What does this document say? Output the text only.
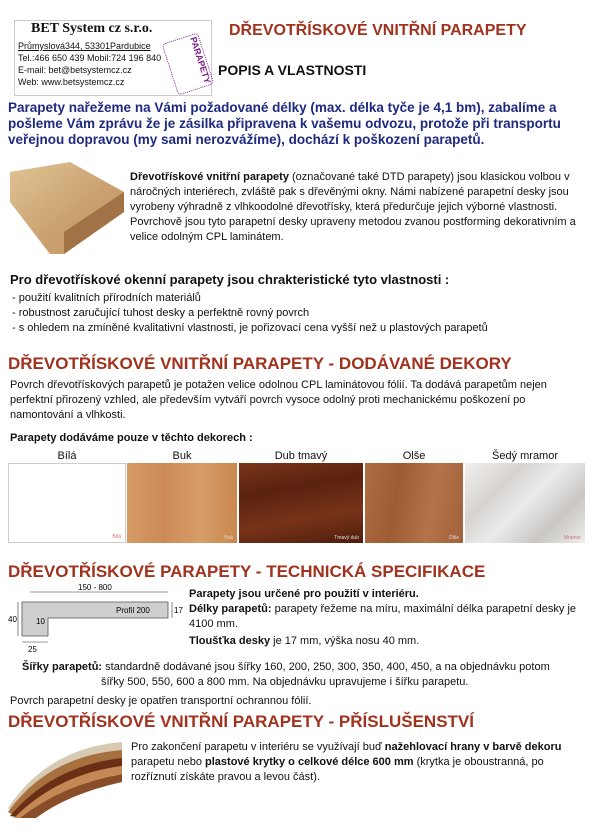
BET System cz s.r.o.
Průmyslová344, 53301Pardubice
Tel.:466 650 439 Mobil:724 196 840
E-mail: bet@betsystemcz.cz
Web: www.betsystemcz.cz	PARAPETY
DŘEVOTŘÍSKOVÉ VNITŘNÍ PARAPETY
POPIS A VLASTNOSTI
Parapety nařežeme na Vámi požadované délky (max. délka tyče je 4,1 bm), zabalíme a pošleme Vám zprávu že je zásilka připravena k vašemu odvozu, protože při transportu veřejnou dopravou (my sami nerozvážíme), dochází k poškození parapetů.
Dřevotřískové vnitřní parapety (označované také DTD parapety) jsou klasickou volbou v náročných interiérech, zvláště pak s dřevěnými okny. Námi nabízené parapetní desky jsou vyrobeny výhradně z vlhkoodolné dřevotřísky, která předurčuje jejich výborné vlastnosti. Povrchově jsou tyto parapetní desky upraveny metodou zvanou postforming dekorativním a velice odolným CPL laminátem.
Pro dřevotřískové okenní parapety jsou chrakteristické tyto vlastnosti :
- použití kvalitních přírodních materiálů
- robustnost zaručující tuhost desky a perfektně rovný povrch
- s ohledem na zmíněné kvalitativní vlastnosti, je pořizovací cena vyšší než u plastových parapetů
DŘEVOTŘÍSKOVÉ VNITŘNÍ PARAPETY - DODÁVANÉ DEKORY
Povrch dřevotřískových parapetů je potažen velice odolnou CPL laminátovou fólií. Ta dodává parapetům nejen perfektní přirozený vzhled, ale především vytváří povrch vysoce odolný proti mechanickému poškození po namontování a vlhkosti.
Parapety dodáváme pouze v těchto dekorech :
Bílá	Buk	Dub tmavý	Olše	Šedý mramor
Bílá	Buk	Tmavý dub	Olše	Mramor
DŘEVOTŘÍSKOVÉ PARAPETY - TECHNICKÁ SPECIFIKACE
150 - 800
40 10
Profil 200	17
25
Parapety jsou určené pro použití v interiéru.
Délky parapetů: parapety řežeme na míru, maximální délka parapetní desky je 4100 mm.
Tloušťka desky je 17 mm, výška nosu 40 mm.
Šířky parapetů: standardně dodávané jsou šířky 160, 200, 250, 300, 350, 400, 450, a na objednávku potom
šířky 500, 550, 600 a 800 mm. Na objednávku upravujeme i šířku parapetu.
Povrch parapetní desky je opatřen transportní ochrannou fólií.
DŘEVOTŘÍSKOVÉ VNITŘNÍ PARAPETY - PŘÍSLUŠENSTVÍ
Pro zakončení parapetu v interiéru se využívají buď nažehlovací hrany v barvě dekoru
parapetu nebo plastové krytky o celkové délce 600 mm (krytka je oboustranná, po
rozříznutí získáte pravou a levou část).
